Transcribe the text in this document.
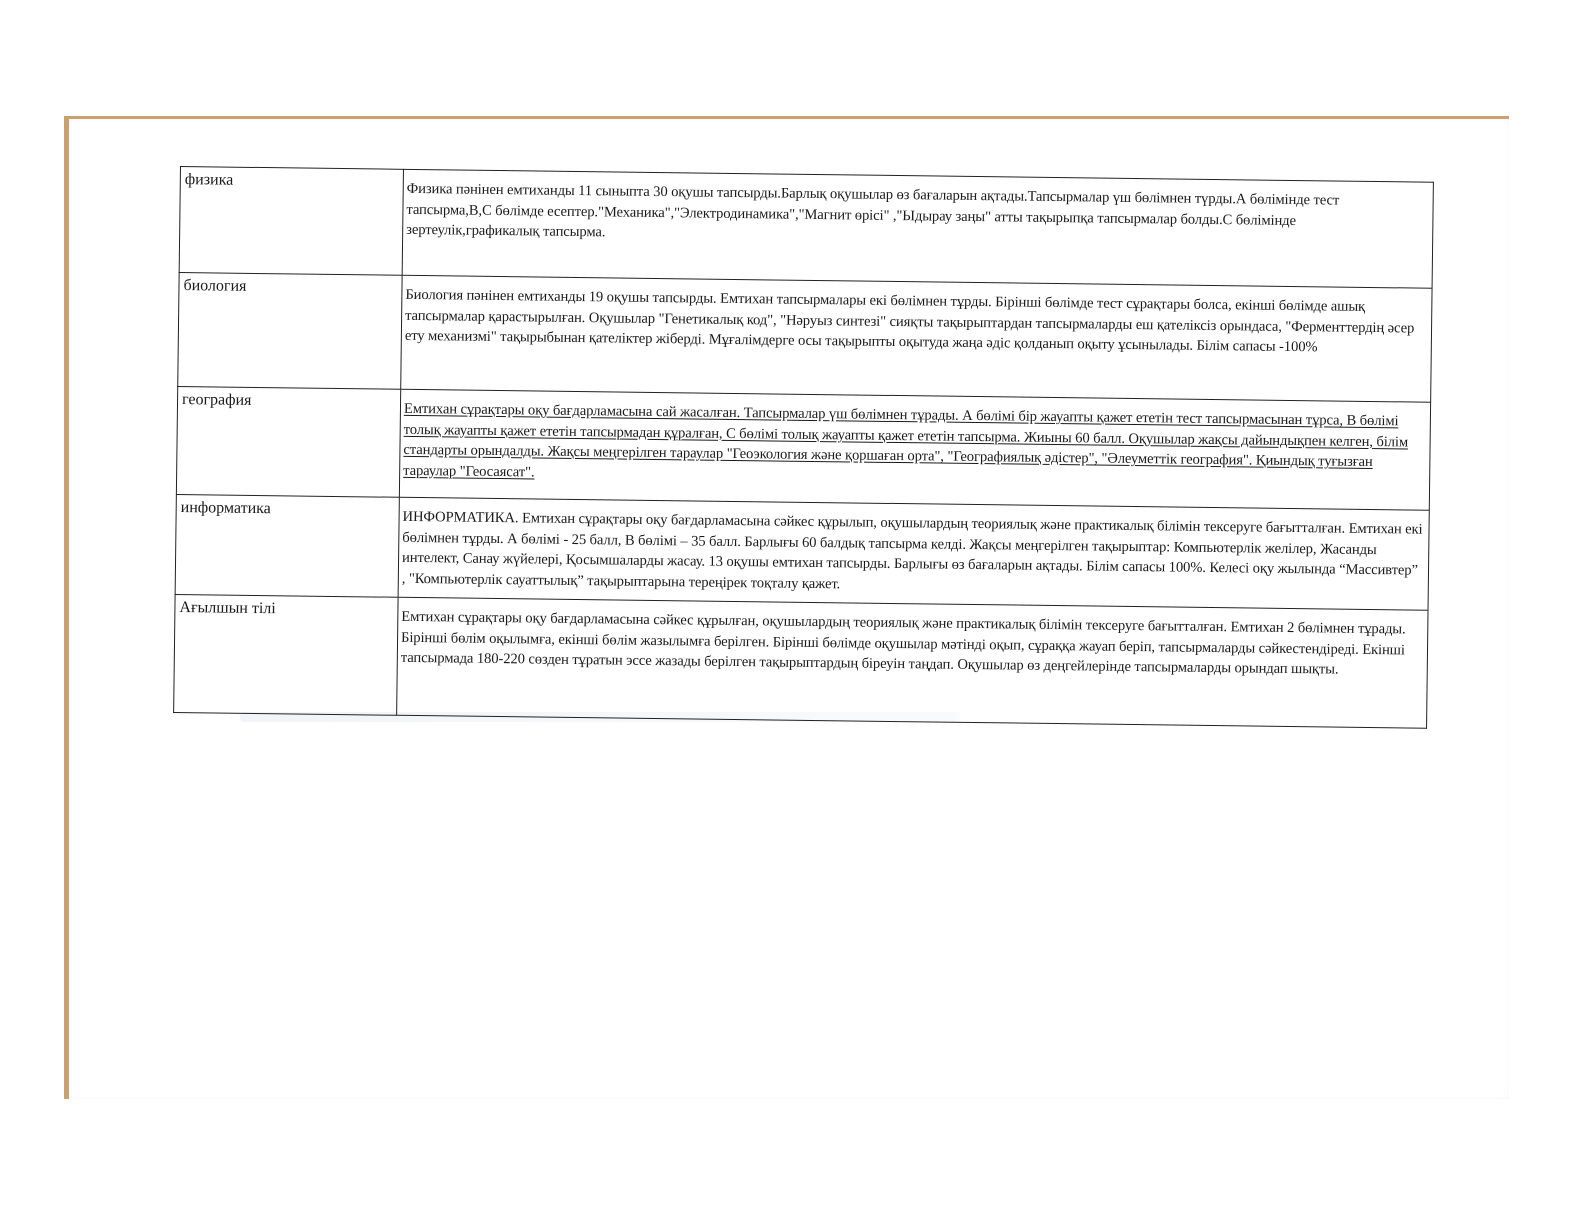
физика	Физика пәнінен емтиханды 11 сыныпта 30 оқушы тапсырды.Барлық оқушылар өз бағаларын ақтады.Тапсырмалар үш бөлімнен түрды.А бөлімінде тест тапсырма,В,С бөлімде есептер."Механика","Электродинамика","Магнит өрісі" ,"Ыдырау заңы" атты тақырыпқа тапсырмалар болды.С бөлімінде зертеулік,графикалық тапсырма.
биология	Биология пәнінен емтиханды 19 оқушы тапсырды. Емтихан тапсырмалары екі бөлімнен тұрды. Бірінші бөлімде тест сұрақтары болса, екінші бөлімде ашық тапсырмалар қарастырылған. Оқушылар "Генетикалық код", "Нәруыз синтезі" сияқты тақырыптардан тапсырмаларды еш қателіксіз орындаса, "Ферменттердің әсер ету механизмі" тақырыбынан қателіктер жіберді. Мұғалімдерге осы тақырыпты оқытуда жаңа әдіс қолданып оқыту ұсынылады. Білім сапасы -100%
география	Емтихан сұрақтары оқу бағдарламасына сай жасалған. Тапсырмалар үш бөлімнен тұрады. А бөлімі бір жауапты қажет ететін тест тапсырмасынан тұрса, В бөлімі толық жауапты қажет ететін тапсырмадан құралған, С бөлімі толық жауапты қажет ететін тапсырма. Жиыны 60 балл. Оқушылар жақсы дайындықпен келген, білім стандарты орындалды. Жақсы меңгерілген тараулар "Геоэкология және қоршаған орта", "Географиялық әдістер", "Әлеуметтік география". Қиындық туғызған тараулар "Геосаясат".
информатика	ИНФОРМАТИКА. Емтихан сұрақтары оқу бағдарламасына сәйкес құрылып, оқушылардың теориялық және практикалық білімін тексеруге бағытталған. Емтихан екі бөлімнен тұрды. А бөлімі - 25 балл, В бөлімі – 35 балл. Барлығы 60 балдық тапсырма келді. Жақсы меңгерілген тақырыптар: Компьютерлік желілер, Жасанды интелект, Санау жүйелері, Қосымшаларды жасау. 13 оқушы емтихан тапсырды. Барлығы өз бағаларын ақтады. Білім сапасы 100%. Келесі оқу жылында “Массивтер” , "Компьютерлік сауаттылық” тақырыптарына тереңірек тоқталу қажет.
Ағылшын тілі	Емтихан сұрақтары оқу бағдарламасына сәйкес құрылған, оқушылардың теориялық және практикалық білімін тексеруге бағытталған. Емтихан 2 бөлімнен тұрады. Бірінші бөлім оқылымға, екінші бөлім жазылымға берілген. Бірінші бөлімде оқушылар мәтінді оқып, сұраққа жауап беріп, тапсырмаларды сәйкестендіреді. Екінші тапсырмада 180-220 сөзден тұратын эссе жазады берілген тақырыптардың біреуін таңдап. Оқушылар өз деңгейлерінде тапсырмаларды орындап шықты.
